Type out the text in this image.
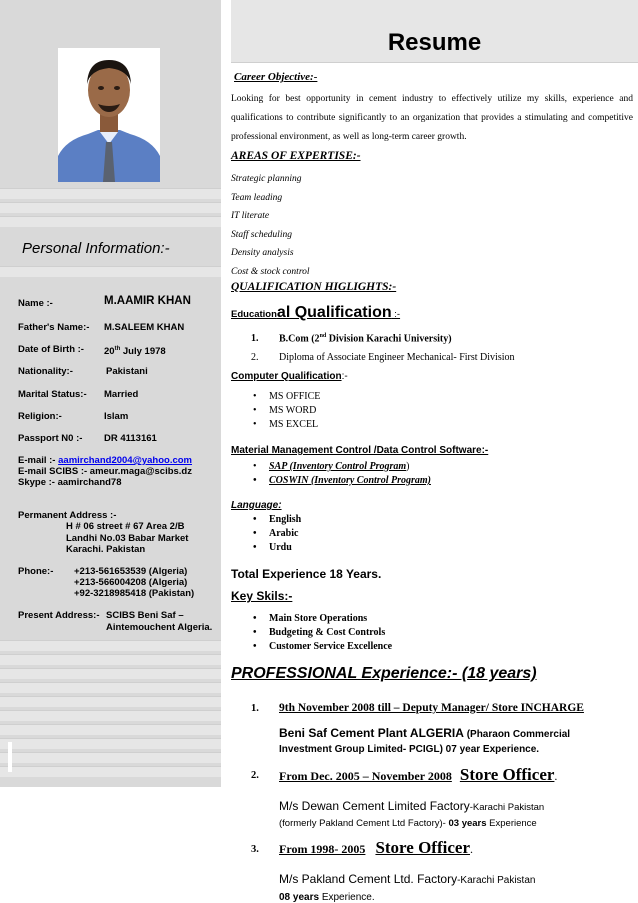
Personal Information:-
Name :-	M.AAMIR KHAN
Father's Name:- M.SALEEM KHAN
Date of Birth :- 20th July 1978
Nationality:-	Pakistani
Marital Status:- Married
Religion:-	Islam
Passport N0 :- DR 4113161
E-mail :- aamirchand2004@yahoo.com
E-mail SCIBS :- ameur.maga@scibs.dz
Skype :- aamirchand78
Permanent Address :-
H # 06 street # 67 Area 2/B
Landhi No.03 Babar Market
Karachi. Pakistan
Phone:- +213-561653539 (Algeria)
+213-566004208 (Algeria)
+92-3218985418 (Pakistan)
Present Address:- SCIBS Beni Saf –
Aintemouchent Algeria.
Resume
Career Objective:-
Looking for best opportunity in cement industry to effectively utilize my skills, experience and qualifications to contribute significantly to an organization that provides a stimulating and competitive professional environment, as well as long-term career growth.
AREAS OF EXPERTISE:-
Strategic planning
Team leading
IT literate
Staff scheduling
Density analysis
Cost & stock control
QUALIFICATION HIGLIGHTS:-
Educational Qualification :-
1. B.Com (2nd Division Karachi University)
2. Diploma of Associate Engineer Mechanical- First Division
Computer Qualification:-
• MS OFFICE
• MS WORD
• MS EXCEL
Material Management Control /Data Control Software:-
• SAP (Inventory Control Program)
• COSWIN (Inventory Control Program)
Language:
• English
• Arabic
• Urdu
Total Experience 18 Years.
Key Skils:-
• Main Store Operations
• Budgeting & Cost Controls
• Customer Service Excellence
PROFESSIONAL Experience:- (18 years)
1. 9th November 2008 till – Deputy Manager/ Store INCHARGE
Beni Saf Cement Plant ALGERIA (Pharaon Commercial
Investment Group Limited- PCIGL) 07 year Experience.
2. From Dec. 2005 – November 2008 Store Officer.
M/s Dewan Cement Limited Factory-Karachi Pakistan
(formerly Pakland Cement Ltd Factory)- 03 years Experience
3. From 1998- 2005 Store Officer.
M/s Pakland Cement Ltd. Factory-Karachi Pakistan
08 years Experience.
